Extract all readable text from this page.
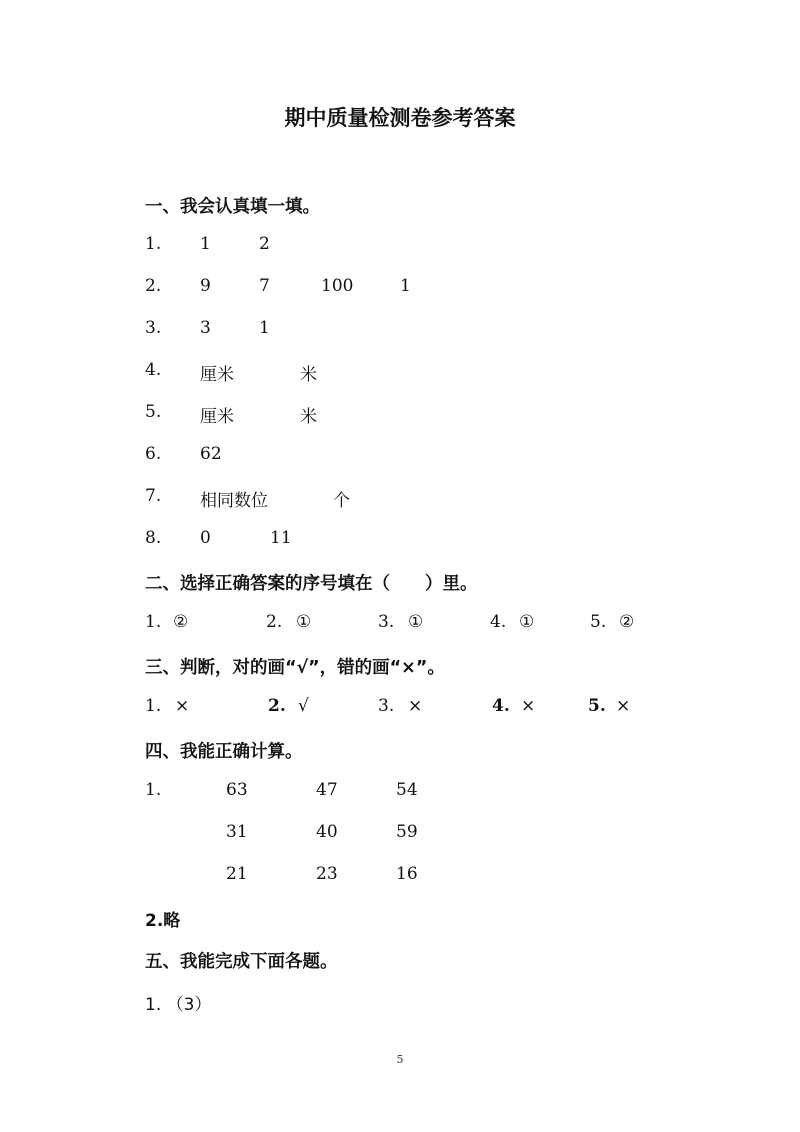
期中质量检测卷参考答案
一、我会认真填一填。
1. 1	2
2. 9	7	100	1
3. 3	1
4. 厘米	米
5. 厘米	米
6. 62
7. 相同数位	个
8. 0	11
二、选择正确答案的序号填在（　　）里。
1. ②	2. ①	3. ①	4. ①	5. ②
三、判断，对的画“√”，错的画“×”。
1. ×	2. √	3. ×	4. ×	5. ×
四、我能正确计算。
1.	63	47	54
31	40	59
21	23	16
2.略
五、我能完成下面各题。
1. （3）
5
